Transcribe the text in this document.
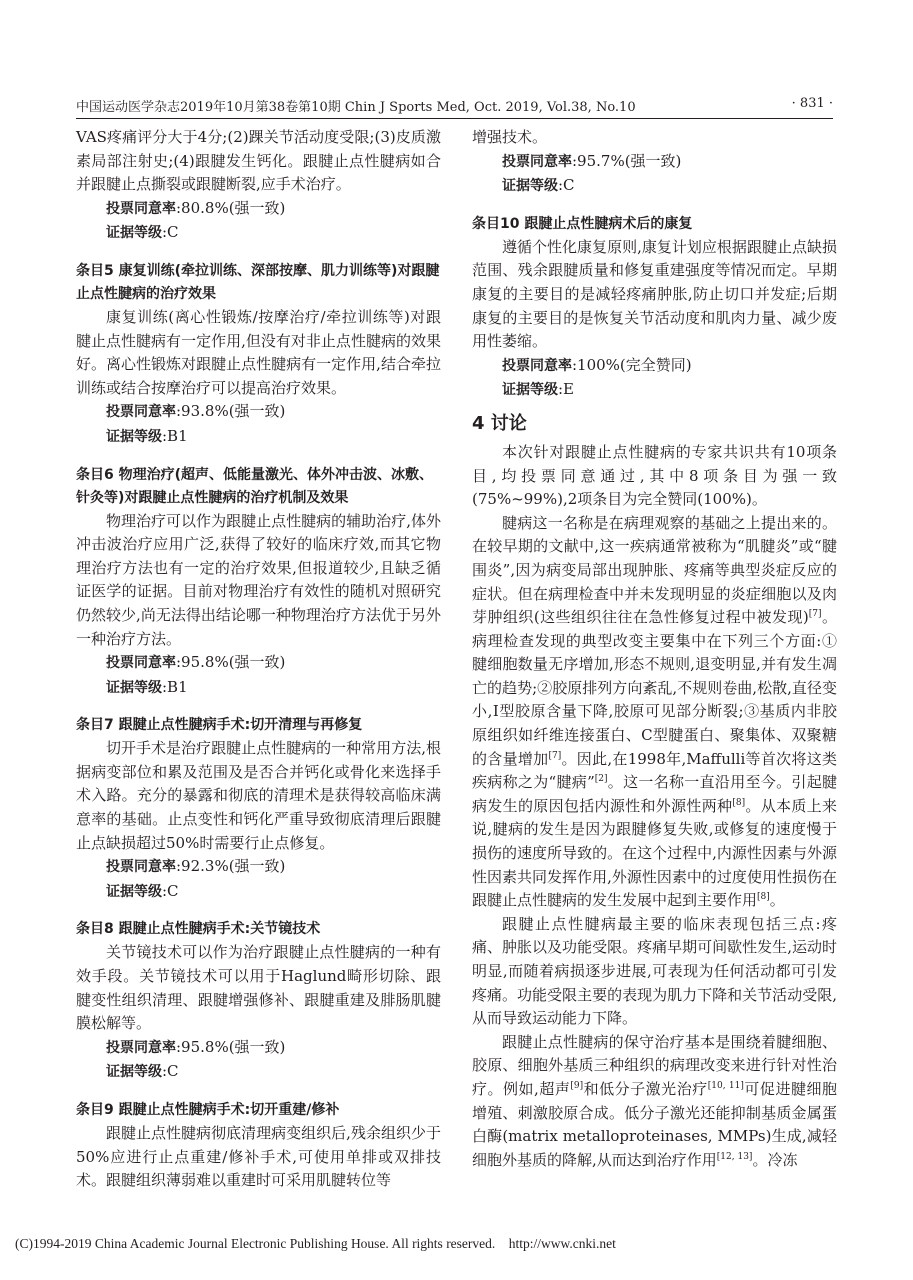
中国运动医学杂志2019年10月第38卷第10期 Chin J Sports Med, Oct. 2019, Vol.38, No.10	· 831 ·

VAS疼痛评分大于4分;(2)踝关节活动度受限;(3)皮质激素局部注射史;(4)跟腱发生钙化。跟腱止点性腱病如合并跟腱止点撕裂或跟腱断裂,应手术治疗。

投票同意率:80.8%(强一致)

证据等级:C

条目5 康复训练(牵拉训练、深部按摩、肌力训练等)对跟腱止点性腱病的治疗效果

康复训练(离心性锻炼/按摩治疗/牵拉训练等)对跟腱止点性腱病有一定作用,但没有对非止点性腱病的效果好。离心性锻炼对跟腱止点性腱病有一定作用,结合牵拉训练或结合按摩治疗可以提高治疗效果。

投票同意率:93.8%(强一致)

证据等级:B1

条目6 物理治疗(超声、低能量激光、体外冲击波、冰敷、针灸等)对跟腱止点性腱病的治疗机制及效果

物理治疗可以作为跟腱止点性腱病的辅助治疗,体外冲击波治疗应用广泛,获得了较好的临床疗效,而其它物理治疗方法也有一定的治疗效果,但报道较少,且缺乏循证医学的证据。目前对物理治疗有效性的随机对照研究仍然较少,尚无法得出结论哪一种物理治疗方法优于另外一种治疗方法。

投票同意率:95.8%(强一致)

证据等级:B1

条目7 跟腱止点性腱病手术:切开清理与再修复

切开手术是治疗跟腱止点性腱病的一种常用方法,根据病变部位和累及范围及是否合并钙化或骨化来选择手术入路。充分的暴露和彻底的清理术是获得较高临床满意率的基础。止点变性和钙化严重导致彻底清理后跟腱止点缺损超过50%时需要行止点修复。

投票同意率:92.3%(强一致)

证据等级:C

条目8 跟腱止点性腱病手术:关节镜技术

关节镜技术可以作为治疗跟腱止点性腱病的一种有效手段。关节镜技术可以用于Haglund畸形切除、跟腱变性组织清理、跟腱增强修补、跟腱重建及腓肠肌腱膜松解等。

投票同意率:95.8%(强一致)

证据等级:C

条目9 跟腱止点性腱病手术:切开重建/修补

跟腱止点性腱病彻底清理病变组织后,残余组织少于50%应进行止点重建/修补手术,可使用单排或双排技术。跟腱组织薄弱难以重建时可采用肌腱转位等

增强技术。

投票同意率:95.7%(强一致)

证据等级:C

条目10 跟腱止点性腱病术后的康复

遵循个性化康复原则,康复计划应根据跟腱止点缺损范围、残余跟腱质量和修复重建强度等情况而定。早期康复的主要目的是减轻疼痛肿胀,防止切口并发症;后期康复的主要目的是恢复关节活动度和肌肉力量、减少废用性萎缩。

投票同意率:100%(完全赞同)

证据等级:E

4 讨论

本次针对跟腱止点性腱病的专家共识共有10项条目,均投票同意通过,其中8项条目为强一致(75%~99%),2项条目为完全赞同(100%)。

腱病这一名称是在病理观察的基础之上提出来的。在较早期的文献中,这一疾病通常被称为“肌腱炎”或“腱围炎”,因为病变局部出现肿胀、疼痛等典型炎症反应的症状。但在病理检查中并未发现明显的炎症细胞以及肉芽肿组织(这些组织往往在急性修复过程中被发现)[7]。病理检查发现的典型改变主要集中在下列三个方面:①腱细胞数量无序增加,形态不规则,退变明显,并有发生凋亡的趋势;②胶原排列方向紊乱,不规则卷曲,松散,直径变小,Ⅰ型胶原含量下降,胶原可见部分断裂;③基质内非胶原组织如纤维连接蛋白、C型腱蛋白、聚集体、双聚糖的含量增加[7]。因此,在1998年,Maffulli等首次将这类疾病称之为“腱病”[2]。这一名称一直沿用至今。引起腱病发生的原因包括内源性和外源性两种[8]。从本质上来说,腱病的发生是因为跟腱修复失败,或修复的速度慢于损伤的速度所导致的。在这个过程中,内源性因素与外源性因素共同发挥作用,外源性因素中的过度使用性损伤在跟腱止点性腱病的发生发展中起到主要作用[8]。

跟腱止点性腱病最主要的临床表现包括三点:疼痛、肿胀以及功能受限。疼痛早期可间歇性发生,运动时明显,而随着病损逐步进展,可表现为任何活动都可引发疼痛。功能受限主要的表现为肌力下降和关节活动受限,从而导致运动能力下降。

跟腱止点性腱病的保守治疗基本是围绕着腱细胞、胶原、细胞外基质三种组织的病理改变来进行针对性治疗。例如,超声[9]和低分子激光治疗[10, 11]可促进腱细胞增殖、刺激胶原合成。低分子激光还能抑制基质金属蛋白酶(matrix metalloproteinases, MMPs)生成,减轻细胞外基质的降解,从而达到治疗作用[12, 13]。冷冻

(C)1994-2019 China Academic Journal Electronic Publishing House. All rights reserved.    http://www.cnki.net
